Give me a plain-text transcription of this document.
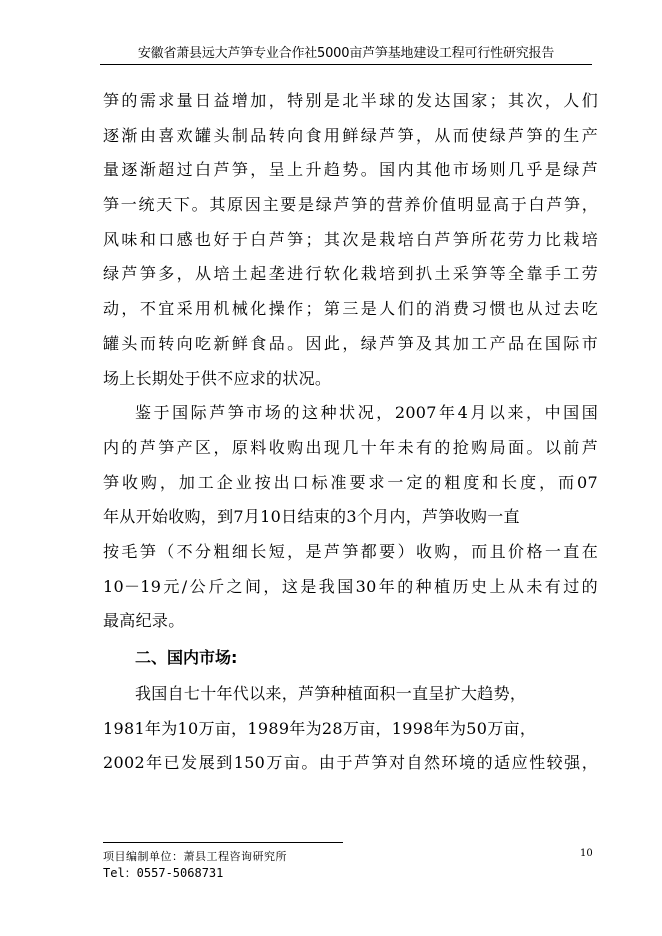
安徽省萧县远大芦笋专业合作社5000亩芦笋基地建设工程可行性研究报告
笋的需求量日益增加，特别是北半球的发达国家；其次，人们
逐渐由喜欢罐头制品转向食用鲜绿芦笋，从而使绿芦笋的生产
量逐渐超过白芦笋，呈上升趋势。国内其他市场则几乎是绿芦
笋一统天下。其原因主要是绿芦笋的营养价值明显高于白芦笋，
风味和口感也好于白芦笋；其次是栽培白芦笋所花劳力比栽培
绿芦笋多，从培土起垄进行软化栽培到扒土采笋等全靠手工劳
动，不宜采用机械化操作；第三是人们的消费习惯也从过去吃
罐头而转向吃新鲜食品。因此，绿芦笋及其加工产品在国际市
场上长期处于供不应求的状况。
鉴于国际芦笋市场的这种状况，2007年4月以来，中国国
内的芦笋产区，原料收购出现几十年未有的抢购局面。以前芦
笋收购，加工企业按出口标准要求一定的粗度和长度，而07
年从开始收购，到7月10日结束的3个月内，芦笋收购一直
按毛笋（不分粗细长短，是芦笋都要）收购，而且价格一直在
10－19元/公斤之间，这是我国30年的种植历史上从未有过的
最高纪录。
二、国内市场:
我国自七十年代以来，芦笋种植面积一直呈扩大趋势，
1981年为10万亩，1989年为28万亩，1998年为50万亩，
2002年已发展到150万亩。由于芦笋对自然环境的适应性较强，
项目编制单位：萧县工程咨询研究所
Tel：0557-5068731
10
